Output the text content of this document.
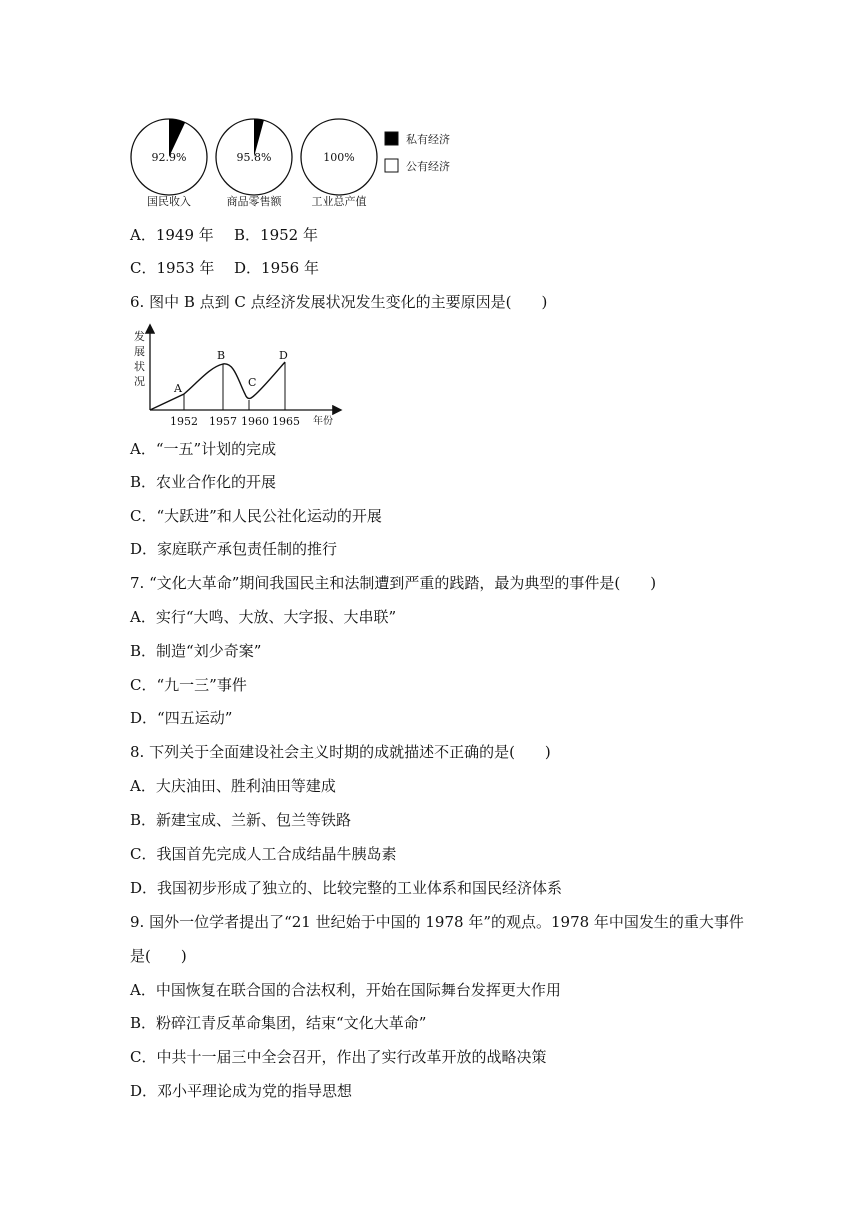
92.9%
国民收入
95.8%
商品零售额
100%
工业总产值
私有经济
公有经济
A．1949 年 B．1952 年
C．1953 年 D．1956 年
6. 图中 B 点到 C 点经济发展状况发生变化的主要原因是(　　)
发
展
状
况
A
B
C
D
1952 1957 1960 1965 年份
A．“一五”计划的完成
B．农业合作化的开展
C．“大跃进”和人民公社化运动的开展
D．家庭联产承包责任制的推行
7. “文化大革命”期间我国民主和法制遭到严重的践踏，最为典型的事件是(　　)
A．实行“大鸣、大放、大字报、大串联”
B．制造“刘少奇案”
C．“九一三”事件
D．“四五运动”
8. 下列关于全面建设社会主义时期的成就描述不正确的是(　　)
A．大庆油田、胜利油田等建成
B．新建宝成、兰新、包兰等铁路
C．我国首先完成人工合成结晶牛胰岛素
D．我国初步形成了独立的、比较完整的工业体系和国民经济体系
9. 国外一位学者提出了“21 世纪始于中国的 1978 年”的观点。1978 年中国发生的重大事件
是(　　)
A．中国恢复在联合国的合法权利，开始在国际舞台发挥更大作用
B．粉碎江青反革命集团，结束“文化大革命”
C．中共十一届三中全会召开，作出了实行改革开放的战略决策
D．邓小平理论成为党的指导思想
